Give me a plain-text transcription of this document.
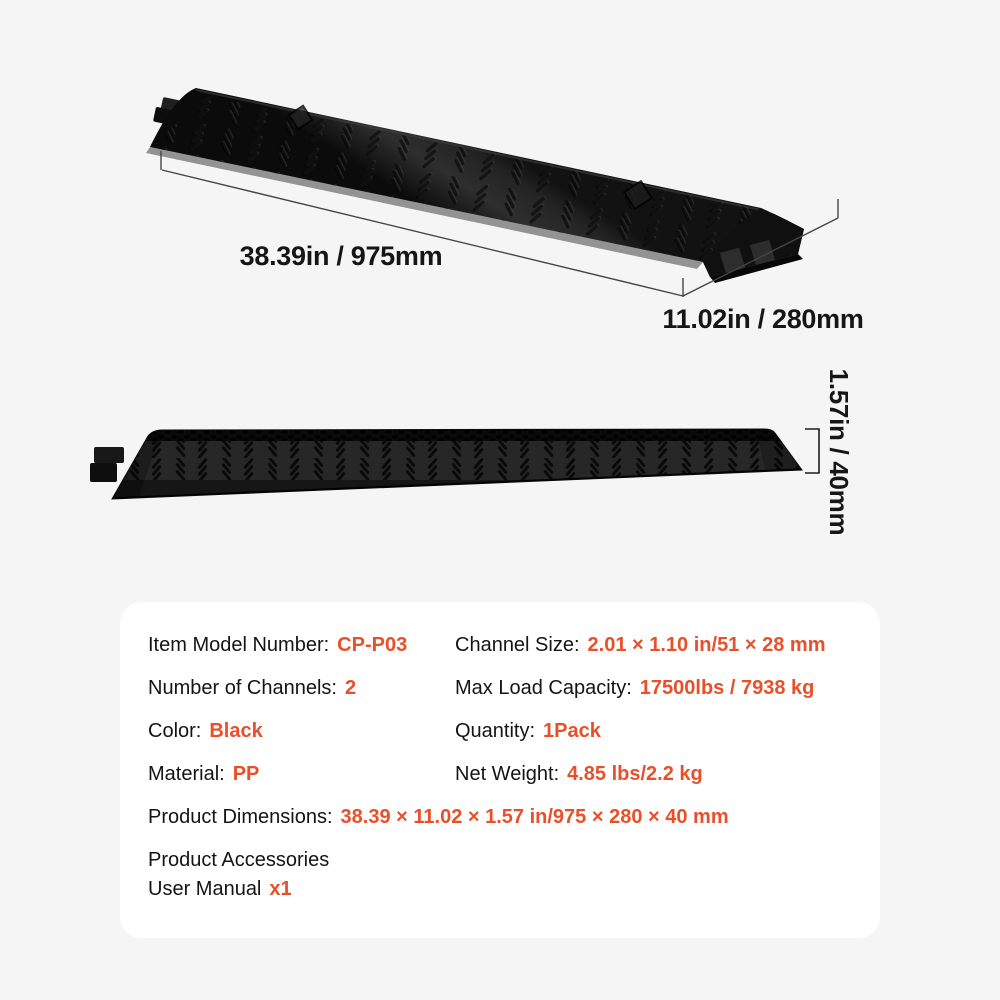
38.39in / 975mm
11.02in / 280mm
1.57in / 40mm
Item Model Number: CP-P03	Channel Size: 2.01 × 1.10 in/51 × 28 mm
Number of Channels: 2	Max Load Capacity: 17500lbs / 7938 kg
Color: Black	Quantity: 1Pack
Material: PP	Net Weight: 4.85 lbs/2.2 kg
Product Dimensions: 38.39 × 11.02 × 1.57 in/975 × 280 × 40 mm
Product Accessories
User Manual x1
